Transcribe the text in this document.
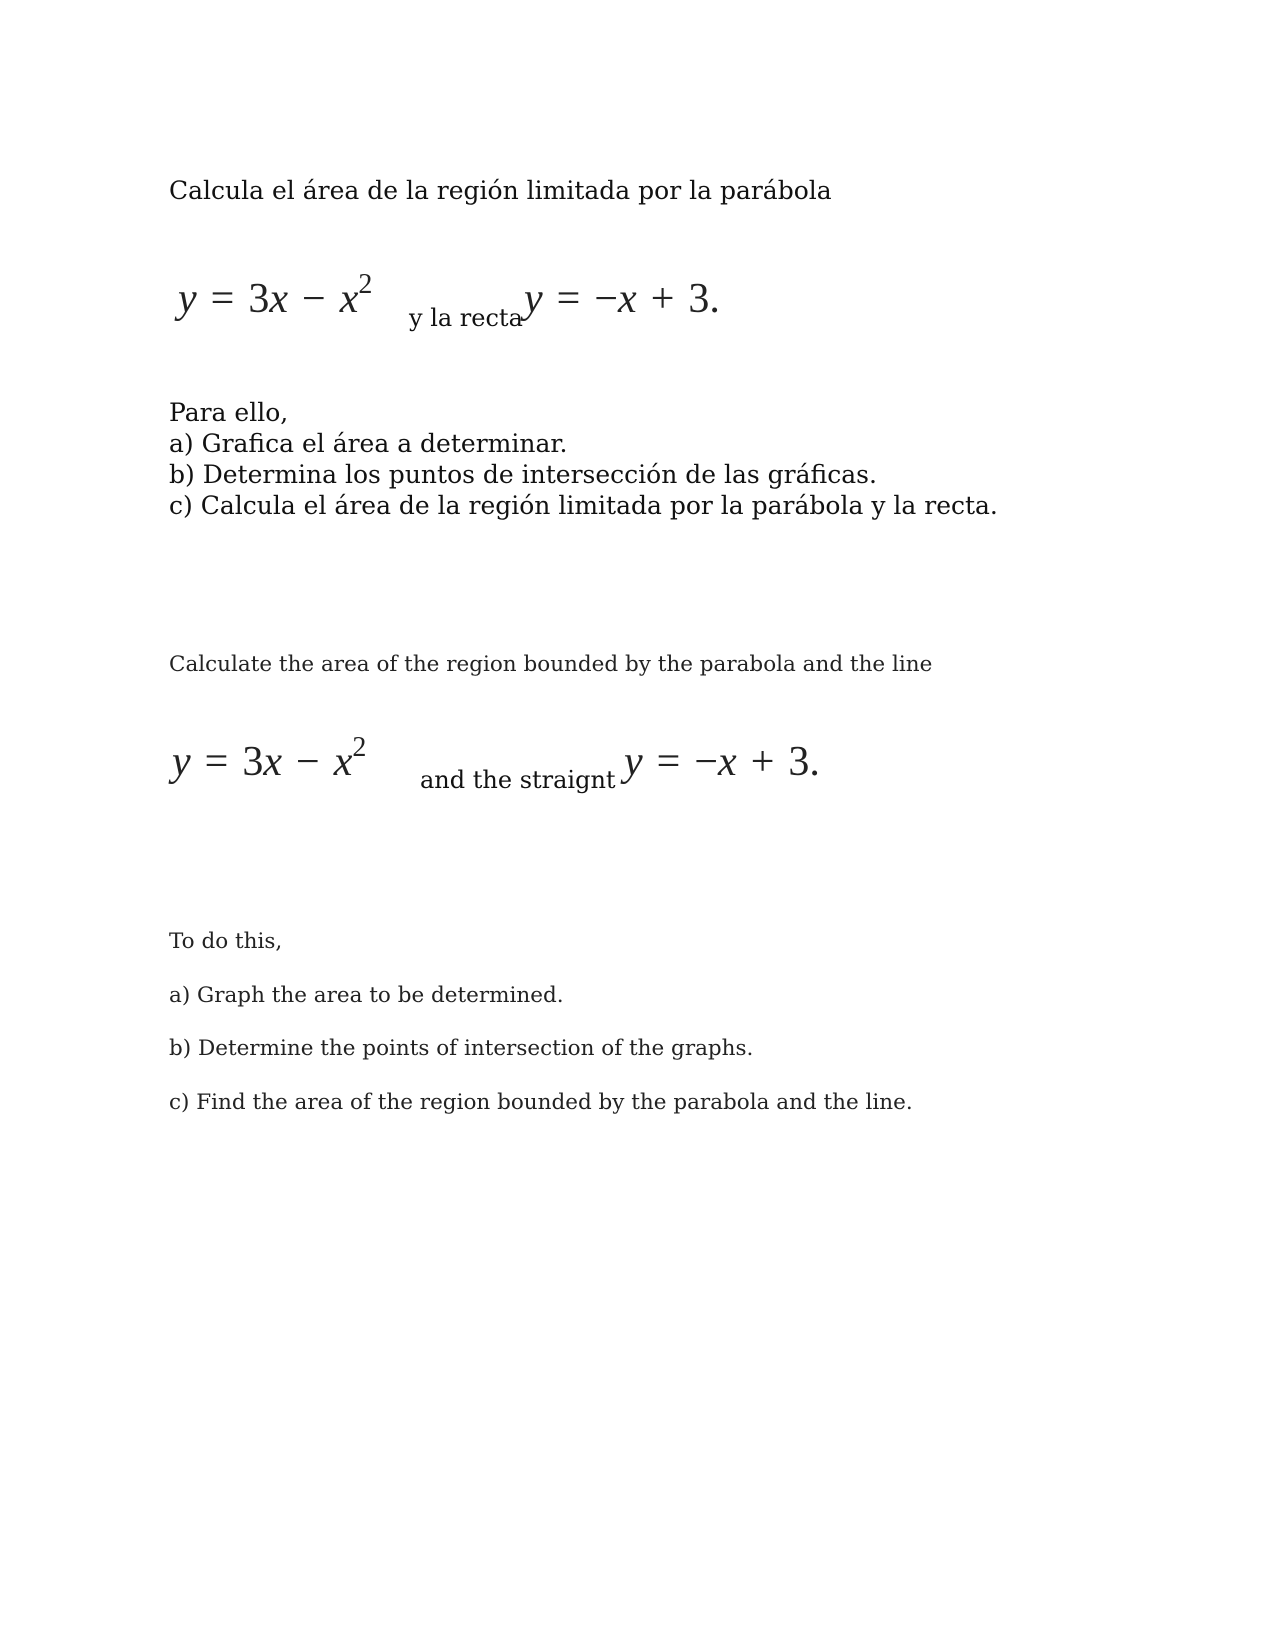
Calcula el área de la región limitada por la parábola
$y = 3x - x^2$
y la recta y = −x + 3.
Para ello,
a) Grafica el área a determinar.
b) Determina los puntos de intersección de las gráficas.
c) Calcula el área de la región limitada por la parábola y la recta.
Calculate the area of the region bounded by the parabola and the line
$y = 3x - x^2$
and the straignt y = −x + 3.
To do this,
a) Graph the area to be determined.
b) Determine the points of intersection of the graphs.
c) Find the area of the region bounded by the parabola and the line.
